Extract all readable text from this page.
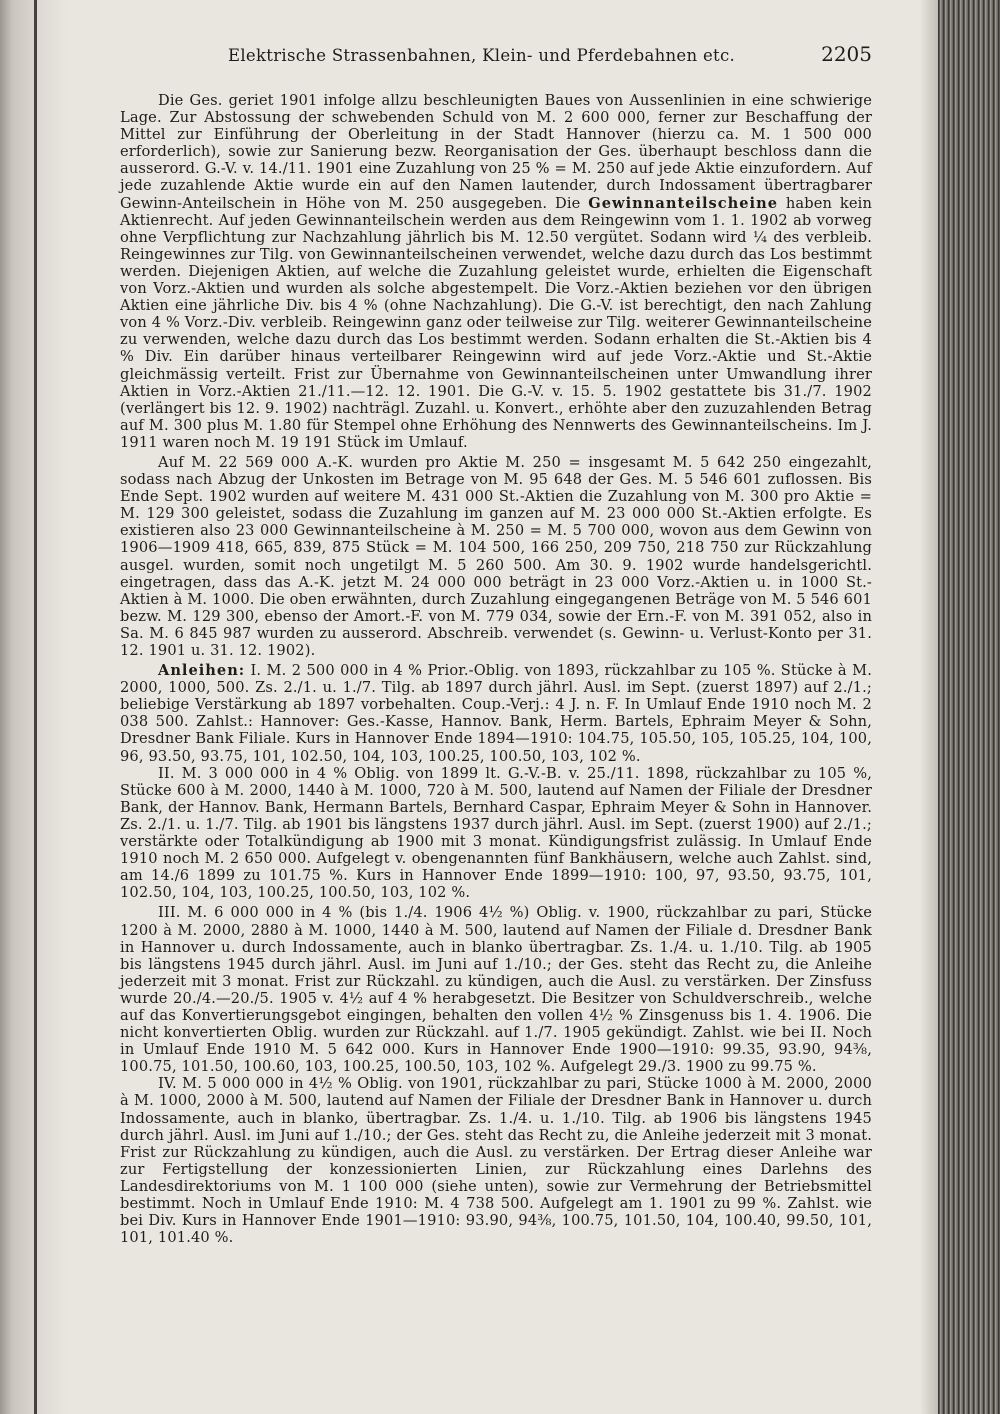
Elektrische Strassenbahnen, Klein- und Pferdebahnen etc.	2205

Die Ges. geriet 1901 infolge allzu beschleunigten Baues von Aussenlinien in eine schwierige Lage. Zur Abstossung der schwebenden Schuld von M. 2 600 000, ferner zur Beschaffung der Mittel zur Einführung der Oberleitung in der Stadt Hannover (hierzu ca. M. 1 500 000 erforderlich), sowie zur Sanierung bezw. Reorganisation der Ges. überhaupt beschloss dann die ausserord. G.-V. v. 14./11. 1901 eine Zuzahlung von 25 % = M. 250 auf jede Aktie einzufordern. Auf jede zuzahlende Aktie wurde ein auf den Namen lautender, durch Indossament übertragbarer Gewinn-Anteilschein in Höhe von M. 250 ausgegeben. Die Gewinnanteilscheine haben kein Aktienrecht. Auf jeden Gewinnanteilschein werden aus dem Reingewinn vom 1. 1. 1902 ab vorweg ohne Verpflichtung zur Nachzahlung jährlich bis M. 12.50 vergütet. Sodann wird ¼ des verbleib. Reingewinnes zur Tilg. von Gewinnanteilscheinen verwendet, welche dazu durch das Los bestimmt werden. Diejenigen Aktien, auf welche die Zuzahlung geleistet wurde, erhielten die Eigenschaft von Vorz.-Aktien und wurden als solche abgestempelt. Die Vorz.-Aktien beziehen vor den übrigen Aktien eine jährliche Div. bis 4 % (ohne Nachzahlung). Die G.-V. ist berechtigt, den nach Zahlung von 4 % Vorz.-Div. verbleib. Reingewinn ganz oder teilweise zur Tilg. weiterer Gewinnanteilscheine zu verwenden, welche dazu durch das Los bestimmt werden. Sodann erhalten die St.-Aktien bis 4 % Div. Ein darüber hinaus verteilbarer Reingewinn wird auf jede Vorz.-Aktie und St.-Aktie gleichmässig verteilt. Frist zur Übernahme von Gewinnanteilscheinen unter Umwandlung ihrer Aktien in Vorz.-Aktien 21./11.—12. 12. 1901. Die G.-V. v. 15. 5. 1902 gestattete bis 31./7. 1902 (verlängert bis 12. 9. 1902) nachträgl. Zuzahl. u. Konvert., erhöhte aber den zuzuzahlenden Betrag auf M. 300 plus M. 1.80 für Stempel ohne Erhöhung des Nennwerts des Gewinnanteilscheins. Im J. 1911 waren noch M. 19 191 Stück im Umlauf.

Auf M. 22 569 000 A.-K. wurden pro Aktie M. 250 = insgesamt M. 5 642 250 eingezahlt, sodass nach Abzug der Unkosten im Betrage von M. 95 648 der Ges. M. 5 546 601 zuflossen. Bis Ende Sept. 1902 wurden auf weitere M. 431 000 St.-Aktien die Zuzahlung von M. 300 pro Aktie = M. 129 300 geleistet, sodass die Zuzahlung im ganzen auf M. 23 000 000 St.-Aktien erfolgte. Es existieren also 23 000 Gewinnanteilscheine à M. 250 = M. 5 700 000, wovon aus dem Gewinn von 1906—1909 418, 665, 839, 875 Stück = M. 104 500, 166 250, 209 750, 218 750 zur Rückzahlung ausgel. wurden, somit noch ungetilgt M. 5 260 500. Am 30. 9. 1902 wurde handelsgerichtl. eingetragen, dass das A.-K. jetzt M. 24 000 000 beträgt in 23 000 Vorz.-Aktien u. in 1000 St.-Aktien à M. 1000. Die oben erwähnten, durch Zuzahlung eingegangenen Beträge von M. 5 546 601 bezw. M. 129 300, ebenso der Amort.-F. von M. 779 034, sowie der Ern.-F. von M. 391 052, also in Sa. M. 6 845 987 wurden zu ausserord. Abschreib. verwendet (s. Gewinn- u. Verlust-Konto per 31. 12. 1901 u. 31. 12. 1902).

Anleihen: I. M. 2 500 000 in 4 % Prior.-Oblig. von 1893, rückzahlbar zu 105 %. Stücke à M. 2000, 1000, 500. Zs. 2./1. u. 1./7. Tilg. ab 1897 durch jährl. Ausl. im Sept. (zuerst 1897) auf 2./1.; beliebige Verstärkung ab 1897 vorbehalten. Coup.-Verj.: 4 J. n. F. In Umlauf Ende 1910 noch M. 2 038 500. Zahlst.: Hannover: Ges.-Kasse, Hannov. Bank, Herm. Bartels, Ephraim Meyer & Sohn, Dresdner Bank Filiale. Kurs in Hannover Ende 1894—1910: 104.75, 105.50, 105, 105.25, 104, 100, 96, 93.50, 93.75, 101, 102.50, 104, 103, 100.25, 100.50, 103, 102 %.

II. M. 3 000 000 in 4 % Oblig. von 1899 lt. G.-V.-B. v. 25./11. 1898, rückzahlbar zu 105 %, Stücke 600 à M. 2000, 1440 à M. 1000, 720 à M. 500, lautend auf Namen der Filiale der Dresdner Bank, der Hannov. Bank, Hermann Bartels, Bernhard Caspar, Ephraim Meyer & Sohn in Hannover. Zs. 2./1. u. 1./7. Tilg. ab 1901 bis längstens 1937 durch jährl. Ausl. im Sept. (zuerst 1900) auf 2./1.; verstärkte oder Totalkündigung ab 1900 mit 3 monat. Kündigungsfrist zulässig. In Umlauf Ende 1910 noch M. 2 650 000. Aufgelegt v. obengenannten fünf Bankhäusern, welche auch Zahlst. sind, am 14./6 1899 zu 101.75 %. Kurs in Hannover Ende 1899—1910: 100, 97, 93.50, 93.75, 101, 102.50, 104, 103, 100.25, 100.50, 103, 102 %.

III. M. 6 000 000 in 4 % (bis 1./4. 1906 4½ %) Oblig. v. 1900, rückzahlbar zu pari, Stücke 1200 à M. 2000, 2880 à M. 1000, 1440 à M. 500, lautend auf Namen der Filiale d. Dresdner Bank in Hannover u. durch Indossamente, auch in blanko übertragbar. Zs. 1./4. u. 1./10. Tilg. ab 1905 bis längstens 1945 durch jährl. Ausl. im Juni auf 1./10.; der Ges. steht das Recht zu, die Anleihe jederzeit mit 3 monat. Frist zur Rückzahl. zu kündigen, auch die Ausl. zu verstärken. Der Zinsfuss wurde 20./4.—20./5. 1905 v. 4½ auf 4 % herabgesetzt. Die Besitzer von Schuldverschreib., welche auf das Konvertierungsgebot eingingen, behalten den vollen 4½ % Zinsgenuss bis 1. 4. 1906. Die nicht konvertierten Oblig. wurden zur Rückzahl. auf 1./7. 1905 gekündigt. Zahlst. wie bei II. Noch in Umlauf Ende 1910 M. 5 642 000. Kurs in Hannover Ende 1900—1910: 99.35, 93.90, 94⅜, 100.75, 101.50, 100.60, 103, 100.25, 100.50, 103, 102 %. Aufgelegt 29./3. 1900 zu 99.75 %.

IV. M. 5 000 000 in 4½ % Oblig. von 1901, rückzahlbar zu pari, Stücke 1000 à M. 2000, 2000 à M. 1000, 2000 à M. 500, lautend auf Namen der Filiale der Dresdner Bank in Hannover u. durch Indossamente, auch in blanko, übertragbar. Zs. 1./4. u. 1./10. Tilg. ab 1906 bis längstens 1945 durch jährl. Ausl. im Juni auf 1./10.; der Ges. steht das Recht zu, die Anleihe jederzeit mit 3 monat. Frist zur Rückzahlung zu kündigen, auch die Ausl. zu verstärken. Der Ertrag dieser Anleihe war zur Fertigstellung der konzessionierten Linien, zur Rückzahlung eines Darlehns des Landesdirektoriums von M. 1 100 000 (siehe unten), sowie zur Vermehrung der Betriebsmittel bestimmt. Noch in Umlauf Ende 1910: M. 4 738 500. Aufgelegt am 1. 1901 zu 99 %. Zahlst. wie bei Div. Kurs in Hannover Ende 1901—1910: 93.90, 94⅜, 100.75, 101.50, 104, 100.40, 99.50, 101, 101, 101.40 %.
